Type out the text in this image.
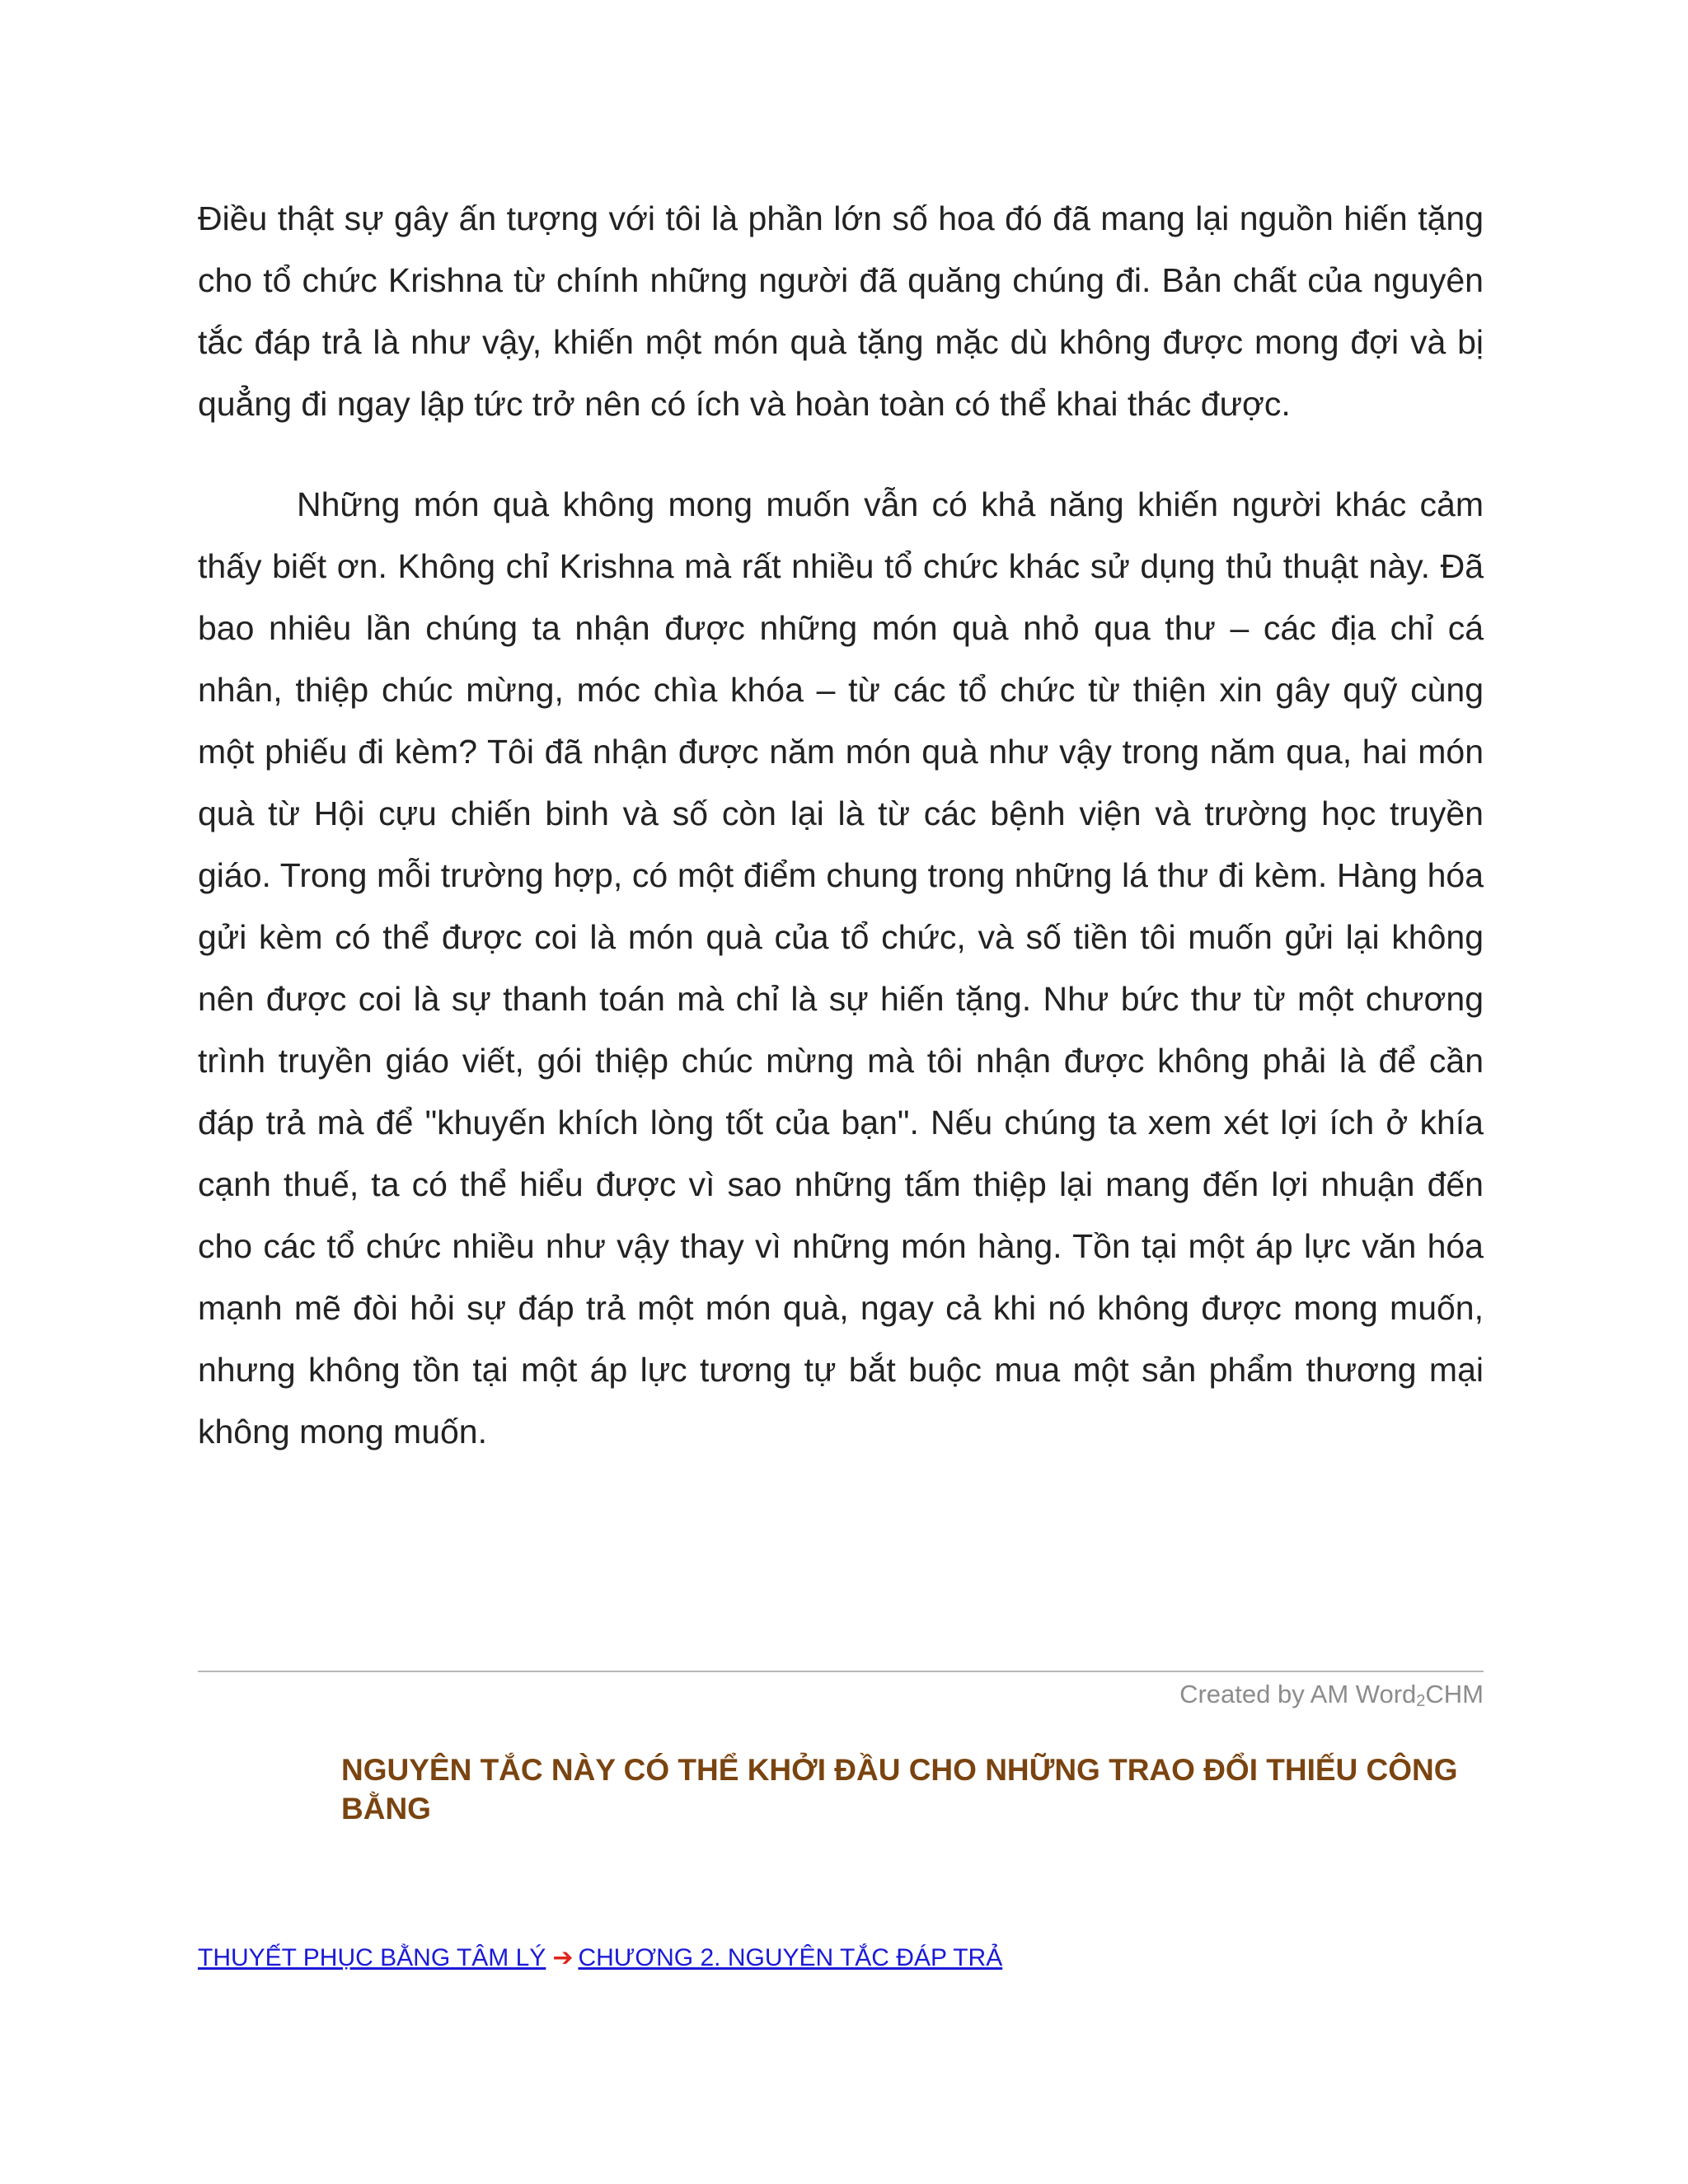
Điều thật sự gây ấn tượng với tôi là phần lớn số hoa đó đã mang lại nguồn hiến tặng cho tổ chức Krishna từ chính những người đã quăng chúng đi. Bản chất của nguyên tắc đáp trả là như vậy, khiến một món quà tặng mặc dù không được mong đợi và bị quẳng đi ngay lập tức trở nên có ích và hoàn toàn có thể khai thác được.

Những món quà không mong muốn vẫn có khả năng khiến người khác cảm thấy biết ơn. Không chỉ Krishna mà rất nhiều tổ chức khác sử dụng thủ thuật này. Đã bao nhiêu lần chúng ta nhận được những món quà nhỏ qua thư – các địa chỉ cá nhân, thiệp chúc mừng, móc chìa khóa – từ các tổ chức từ thiện xin gây quỹ cùng một phiếu đi kèm? Tôi đã nhận được năm món quà như vậy trong năm qua, hai món quà từ Hội cựu chiến binh và số còn lại là từ các bệnh viện và trường học truyền giáo. Trong mỗi trường hợp, có một điểm chung trong những lá thư đi kèm. Hàng hóa gửi kèm có thể được coi là món quà của tổ chức, và số tiền tôi muốn gửi lại không nên được coi là sự thanh toán mà chỉ là sự hiến tặng. Như bức thư từ một chương trình truyền giáo viết, gói thiệp chúc mừng mà tôi nhận được không phải là để cần đáp trả mà để "khuyến khích lòng tốt của bạn". Nếu chúng ta xem xét lợi ích ở khía cạnh thuế, ta có thể hiểu được vì sao những tấm thiệp lại mang đến lợi nhuận đến cho các tổ chức nhiều như vậy thay vì những món hàng. Tồn tại một áp lực văn hóa mạnh mẽ đòi hỏi sự đáp trả một món quà, ngay cả khi nó không được mong muốn, nhưng không tồn tại một áp lực tương tự bắt buộc mua một sản phẩm thương mại không mong muốn.

Created by AM Word$_2$CHM
NGUYÊN TẮC NÀY CÓ THỂ KHỞI ĐẦU CHO NHỮNG TRAO ĐỔI THIẾU CÔNG BẰNG
THUYẾT PHỤC BẰNG TÂM LÝ ➔ CHƯƠNG 2. NGUYÊN TẮC ĐÁP TRẢ
